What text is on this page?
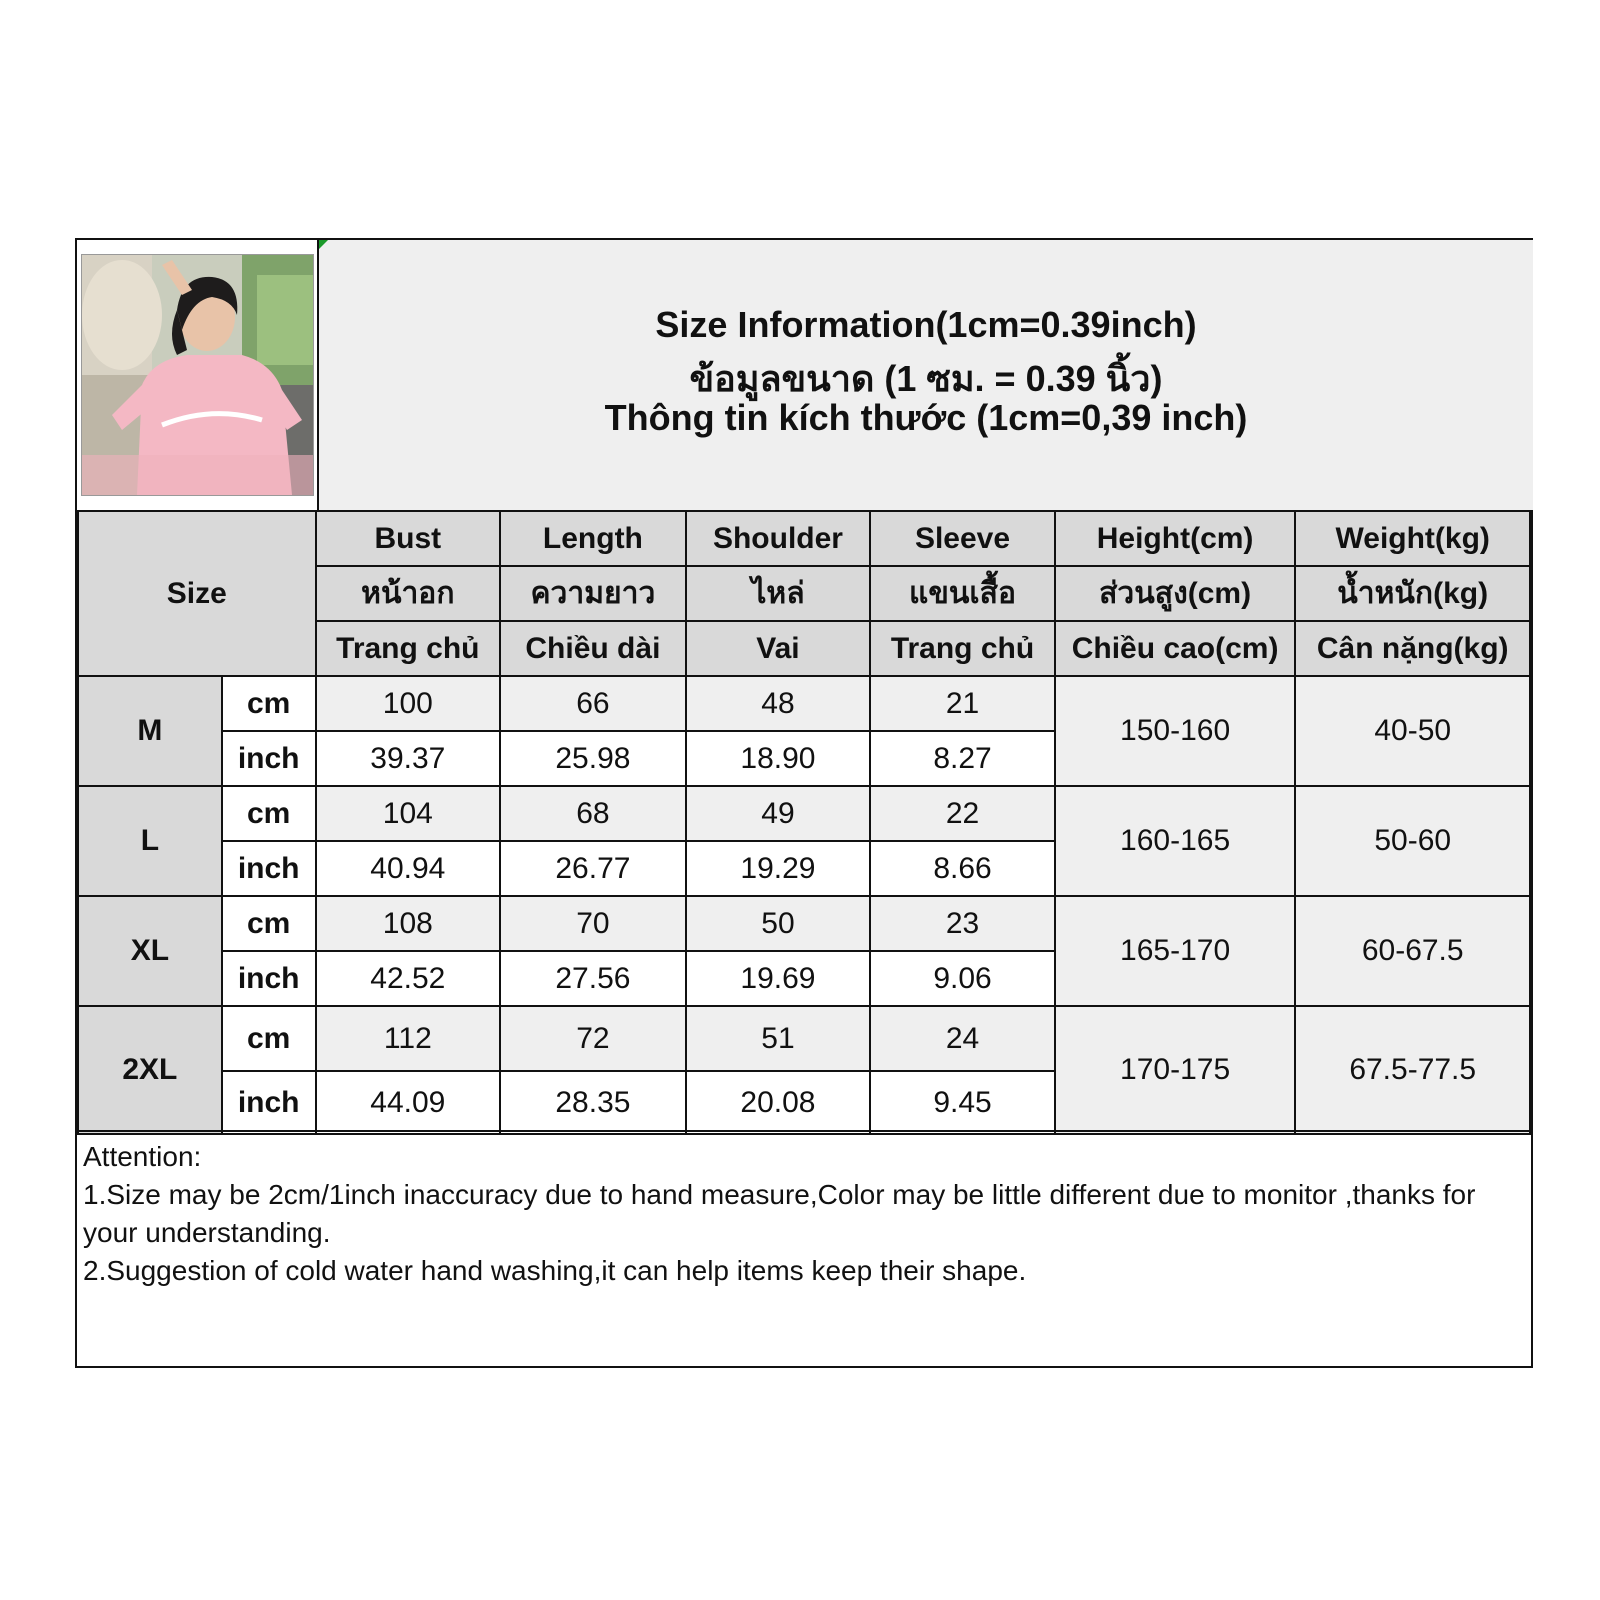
Size Information(1cm=0.39inch)
ข้อมูลขนาด (1 ซม. = 0.39 นิ้ว)
Thông tin kích thước (1cm=0,39 inch)
Size		Bust	Length	Shoulder	Sleeve	Height(cm)	Weight(kg)
		หน้าอก	ความยาว	ไหล่	แขนเสื้อ	ส่วนสูง(cm)	น้ำหนัก(kg)
		Trang chủ	Chiều dài	Vai	Trang chủ	Chiều cao(cm)	Cân nặng(kg)
M	cm	100	66	48	21	150-160	40-50
	inch	39.37	25.98	18.90	8.27		
L	cm	104	68	49	22	160-165	50-60
	inch	40.94	26.77	19.29	8.66		
XL	cm	108	70	50	23	165-170	60-67.5
	inch	42.52	27.56	19.69	9.06		
2XL	cm	112	72	51	24	170-175	67.5-77.5
	inch	44.09	28.35	20.08	9.45		
Attention:
1.Size may be 2cm/1inch inaccuracy due to hand measure,Color may be little different due to monitor ,thanks for your understanding.
2.Suggestion of cold water hand washing,it can help items keep their shape.
